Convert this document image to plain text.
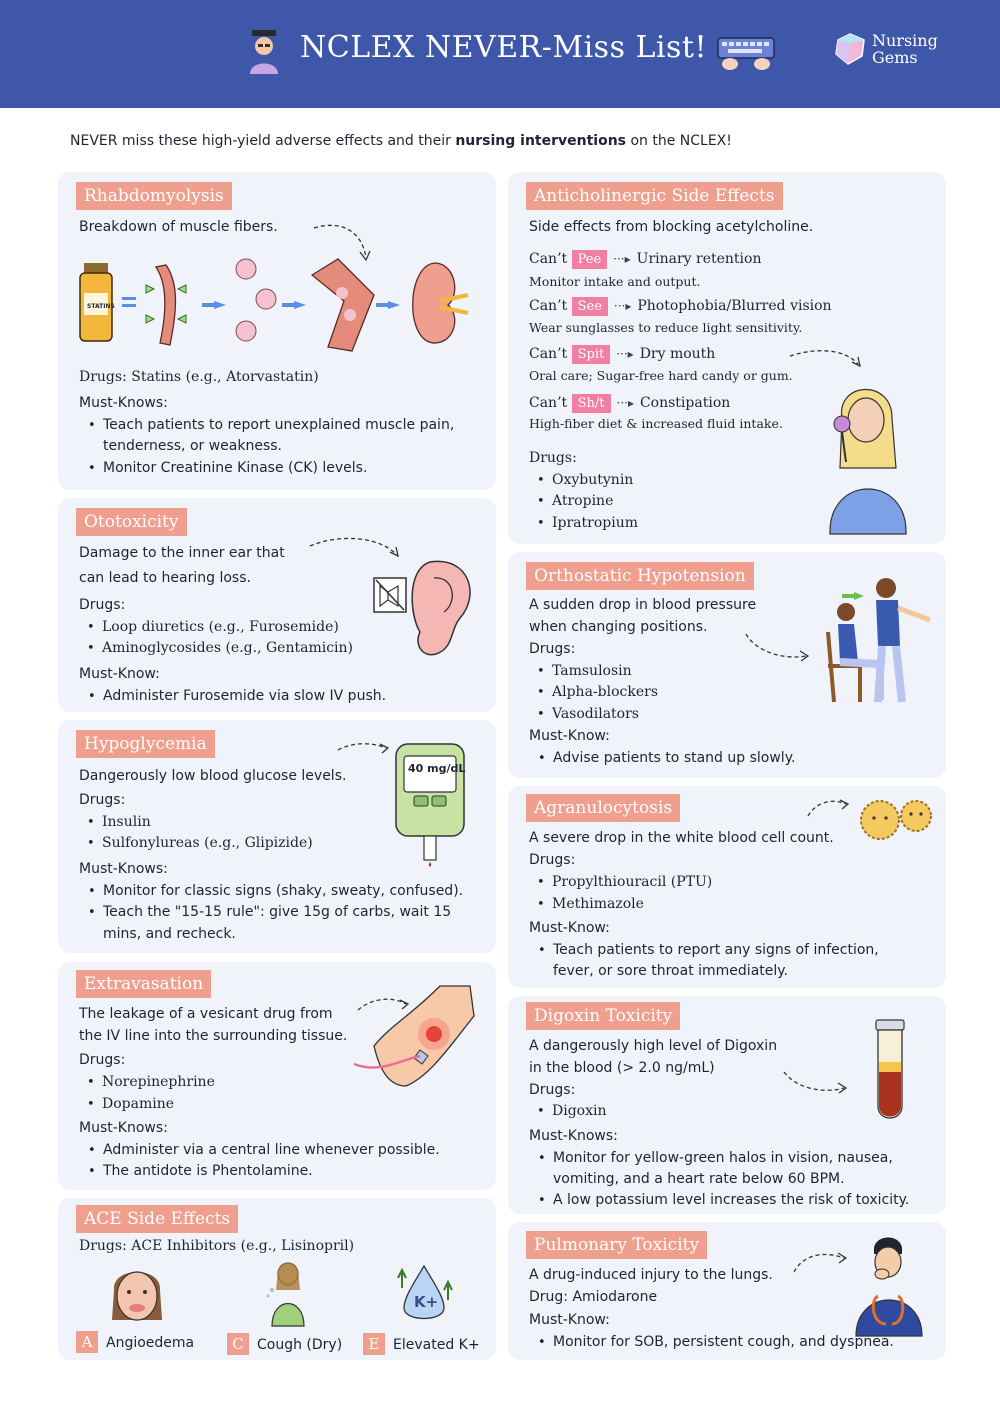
NCLEX NEVER-Miss List!	Nursing
Gems
NEVER miss these high-yield adverse effects and their nursing interventions on the NCLEX!
Rhabdomyolysis
Breakdown of muscle fibers.
STATINS
Drugs: Statins (e.g., Atorvastatin)
Must-Knows:
• Teach patients to report unexplained muscle pain,
tenderness, or weakness.
• Monitor Creatinine Kinase (CK) levels.
Ototoxicity
Damage to the inner ear that
can lead to hearing loss.
Drugs:
• Loop diuretics (e.g., Furosemide)
• Aminoglycosides (e.g., Gentamicin)
Must-Know:
• Administer Furosemide via slow IV push.
Hypoglycemia
Dangerously low blood glucose levels.	40 mg/dL
Drugs:
• Insulin
• Sulfonylureas (e.g., Glipizide)
Must-Knows:
• Monitor for classic signs (shaky, sweaty, confused).
• Teach the "15-15 rule": give 15g of carbs, wait 15
mins, and recheck.
Extravasation
The leakage of a vesicant drug from
the IV line into the surrounding tissue.
Drugs:
• Norepinephrine
• Dopamine
Must-Knows:
• Administer via a central line whenever possible.
• The antidote is Phentolamine.
ACE Side Effects
Drugs: ACE Inhibitors (e.g., Lisinopril)
K+
A Angioedema	C Cough (Dry)	E Elevated K+
Anticholinergic Side Effects
Side effects from blocking acetylcholine.
Can’t Pee ···▸ Urinary retention
Monitor intake and output.
Can’t See ···▸ Photophobia/Blurred vision
Wear sunglasses to reduce light sensitivity.
Can’t Spit ···▸ Dry mouth
Oral care; Sugar-free hard candy or gum.
Can’t Sh/t ···▸ Constipation
High-fiber diet & increased fluid intake.
Drugs:
• Oxybutynin
• Atropine
• Ipratropium
Orthostatic Hypotension
A sudden drop in blood pressure
when changing positions.
Drugs:
• Tamsulosin
• Alpha-blockers
• Vasodilators
Must-Know:
• Advise patients to stand up slowly.
Agranulocytosis
A severe drop in the white blood cell count.
Drugs:
• Propylthiouracil (PTU)
• Methimazole
Must-Know:
• Teach patients to report any signs of infection,
fever, or sore throat immediately.
Digoxin Toxicity
A dangerously high level of Digoxin
in the blood (> 2.0 ng/mL)
Drugs:
• Digoxin
Must-Knows:
• Monitor for yellow-green halos in vision, nausea,
vomiting, and a heart rate below 60 BPM.
• A low potassium level increases the risk of toxicity.
Pulmonary Toxicity
A drug-induced injury to the lungs.
Drug: Amiodarone
Must-Know:
• Monitor for SOB, persistent cough, and dyspnea.
